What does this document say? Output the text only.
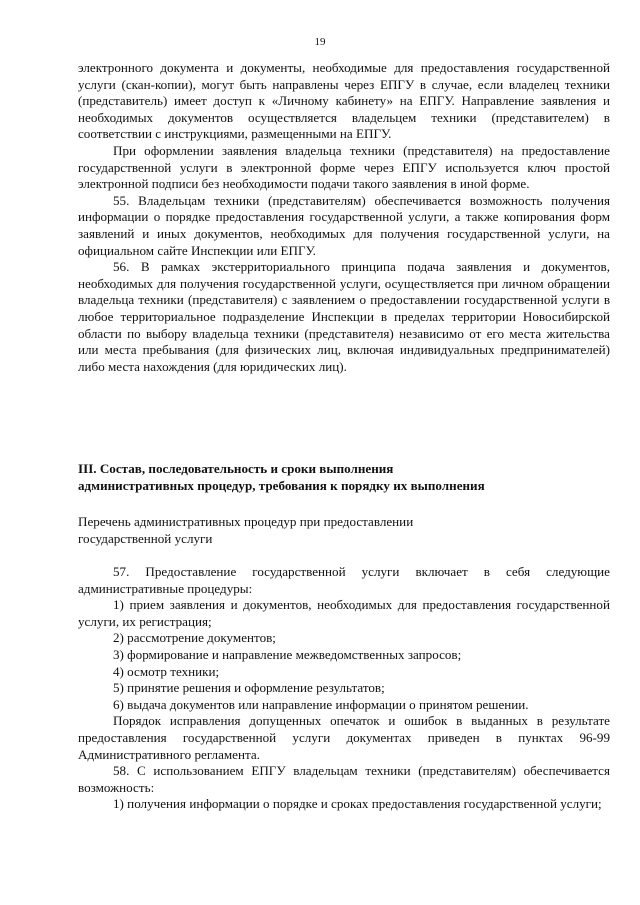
19

электронного документа и документы, необходимые для предоставления государственной услуги (скан-копии), могут быть направлены через ЕПГУ в случае, если владелец техники (представитель) имеет доступ к «Личному кабинету» на ЕПГУ. Направление заявления и необходимых документов осуществляется владельцем техники (представителем) в соответствии с инструкциями, размещенными на ЕПГУ.

При оформлении заявления владельца техники (представителя) на предоставление государственной услуги в электронной форме через ЕПГУ используется ключ простой электронной подписи без необходимости подачи такого заявления в иной форме.

55. Владельцам техники (представителям) обеспечивается возможность получения информации о порядке предоставления государственной услуги, а также копирования форм заявлений и иных документов, необходимых для получения государственной услуги, на официальном сайте Инспекции или ЕПГУ.

56. В рамках экстерриториального принципа подача заявления и документов, необходимых для получения государственной услуги, осуществляется при личном обращении владельца техники (представителя) с заявлением о предоставлении государственной услуги в любое территориальное подразделение Инспекции в пределах территории Новосибирской области по выбору владельца техники (представителя) независимо от его места жительства или места пребывания (для физических лиц, включая индивидуальных предпринимателей) либо места нахождения (для юридических лиц).

III. Состав, последовательность и сроки выполнения

административных процедур, требования к порядку их выполнения

Перечень административных процедур при предоставлении

государственной услуги

57. Предоставление государственной услуги включает в себя следующие административные процедуры:

1) прием заявления и документов, необходимых для предоставления государственной услуги, их регистрация;

2) рассмотрение документов;

3) формирование и направление межведомственных запросов;

4) осмотр техники;

5) принятие решения и оформление результатов;

6) выдача документов или направление информации о принятом решении.

Порядок исправления допущенных опечаток и ошибок в выданных в результате предоставления государственной услуги документах приведен в пунктах 96-99 Административного регламента.

58. С использованием ЕПГУ владельцам техники (представителям) обеспечивается возможность:

1) получения информации о порядке и сроках предоставления государственной услуги;
